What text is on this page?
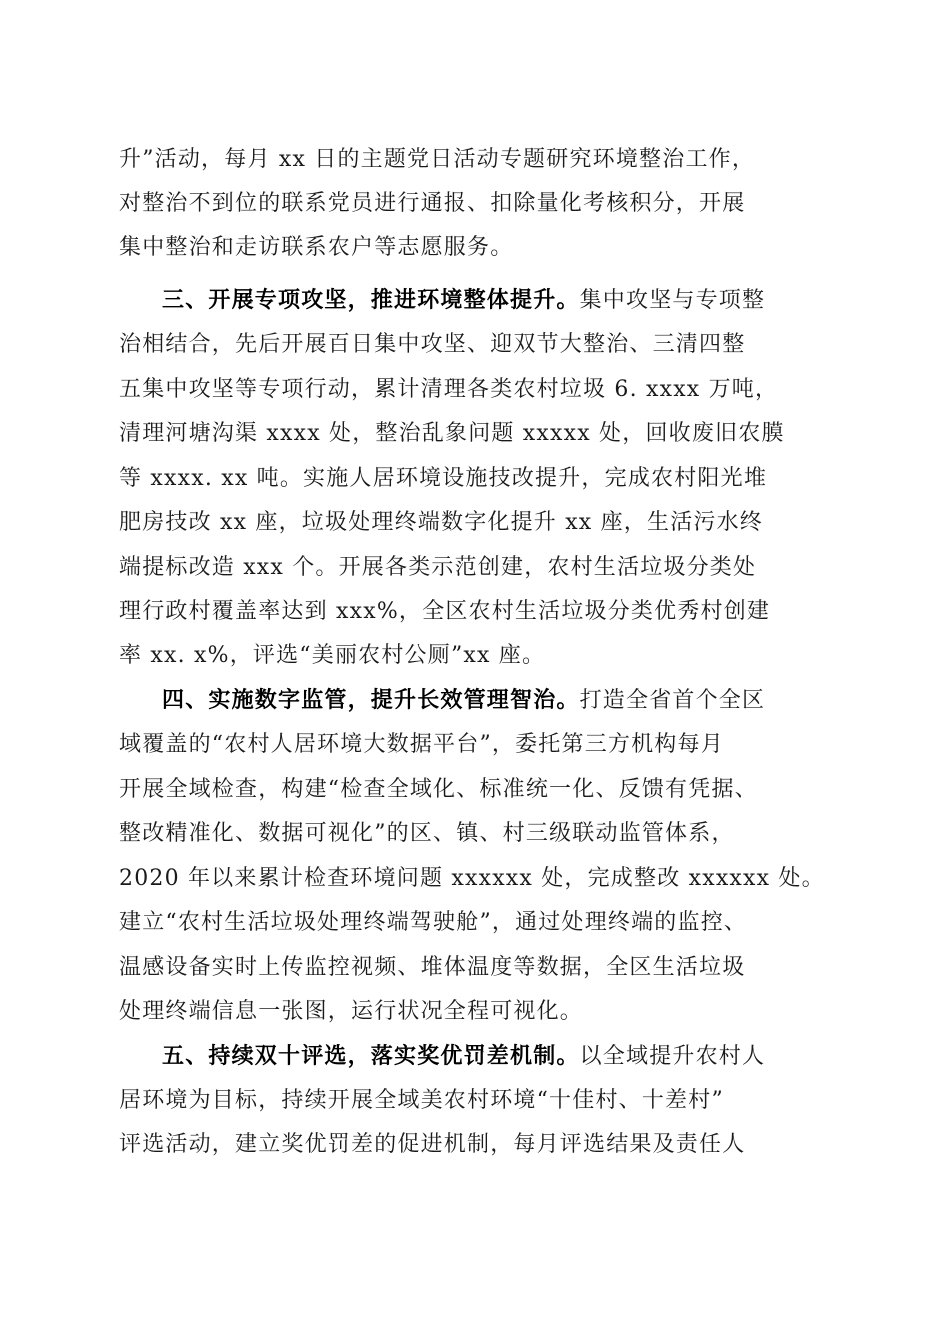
升”活动，每月 xx 日的主题党日活动专题研究环境整治工作，
对整治不到位的联系党员进行通报、扣除量化考核积分，开展
集中整治和走访联系农户等志愿服务。
三、开展专项攻坚，推进环境整体提升。集中攻坚与专项整
治相结合，先后开展百日集中攻坚、迎双节大整治、三清四整
五集中攻坚等专项行动，累计清理各类农村垃圾 6. xxxx 万吨，
清理河塘沟渠 xxxx 处，整治乱象问题 xxxxx 处，回收废旧农膜
等 xxxx. xx 吨。实施人居环境设施技改提升，完成农村阳光堆
肥房技改 xx 座，垃圾处理终端数字化提升 xx 座，生活污水终
端提标改造 xxx 个。开展各类示范创建，农村生活垃圾分类处
理行政村覆盖率达到 xxx%，全区农村生活垃圾分类优秀村创建
率 xx. x%，评选“美丽农村公厕”xx 座。
四、实施数字监管，提升长效管理智治。打造全省首个全区
域覆盖的“农村人居环境大数据平台”，委托第三方机构每月
开展全域检查，构建“检查全域化、标准统一化、反馈有凭据、
整改精准化、数据可视化”的区、镇、村三级联动监管体系，
2020 年以来累计检查环境问题 xxxxxx 处，完成整改 xxxxxx 处。
建立“农村生活垃圾处理终端驾驶舱”，通过处理终端的监控、
温感设备实时上传监控视频、堆体温度等数据，全区生活垃圾
处理终端信息一张图，运行状况全程可视化。
五、持续双十评选，落实奖优罚差机制。以全域提升农村人
居环境为目标，持续开展全域美农村环境“十佳村、十差村”
评选活动，建立奖优罚差的促进机制，每月评选结果及责任人
